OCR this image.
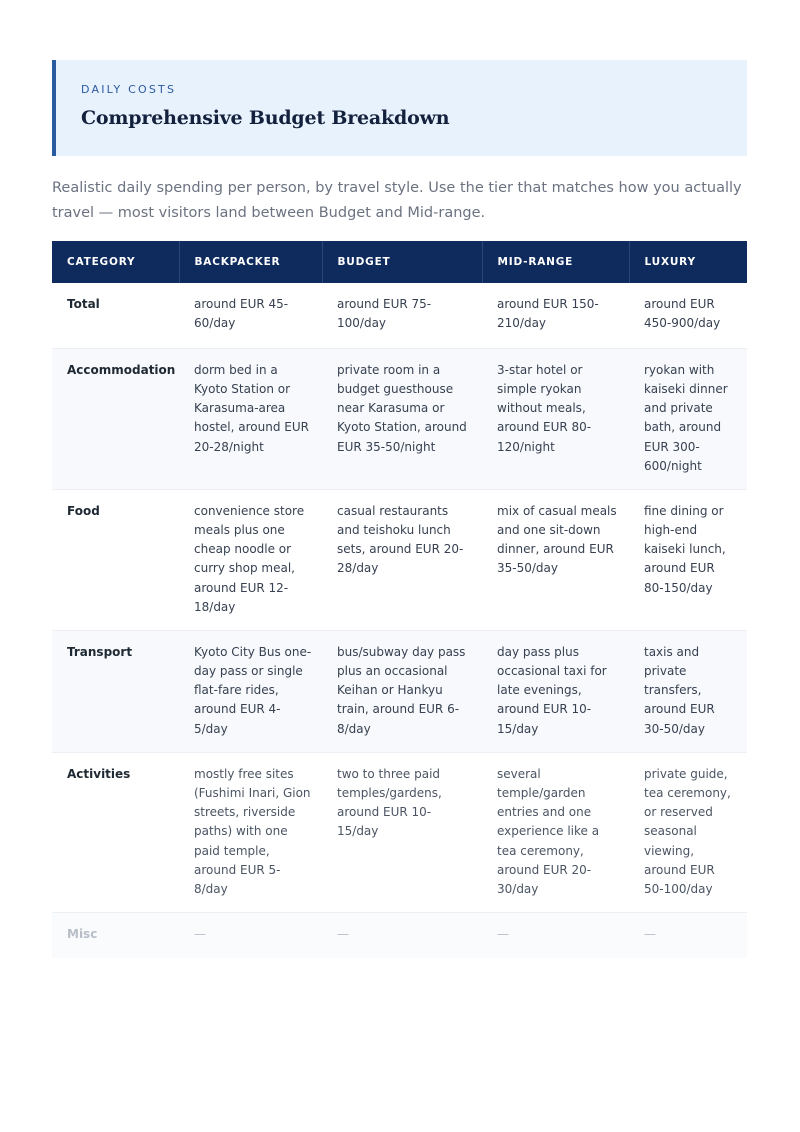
DAILY COSTS
Comprehensive Budget Breakdown

Realistic daily spending per person, by travel style. Use the tier that matches how you actually travel — most visitors land between Budget and Mid-range.

CATEGORY	BACKPACKER	BUDGET	MID-RANGE	LUXURY
Total	around EUR 45-60/day	around EUR 75-100/day	around EUR 150-210/day	around EUR 450-900/day
Accommodation	dorm bed in a Kyoto Station or Karasuma-area hostel, around EUR 20-28/night	private room in a budget guesthouse near Karasuma or Kyoto Station, around EUR 35-50/night	3-star hotel or simple ryokan without meals, around EUR 80-120/night	ryokan with kaiseki dinner and private bath, around EUR 300-600/night
Food	convenience store meals plus one cheap noodle or curry shop meal, around EUR 12-18/day	casual restaurants and teishoku lunch sets, around EUR 20-28/day	mix of casual meals and one sit-down dinner, around EUR 35-50/day	fine dining or high-end kaiseki lunch, around EUR 80-150/day
Transport	Kyoto City Bus one-day pass or single flat-fare rides, around EUR 4-5/day	bus/subway day pass plus an occasional Keihan or Hankyu train, around EUR 6-8/day	day pass plus occasional taxi for late evenings, around EUR 10-15/day	taxis and private transfers, around EUR 30-50/day
Activities	mostly free sites (Fushimi Inari, Gion streets, riverside paths) with one paid temple, around EUR 5-8/day	two to three paid temples/gardens, around EUR 10-15/day	several temple/garden entries and one experience like a tea ceremony, around EUR 20-30/day	private guide, tea ceremony, or reserved seasonal viewing, around EUR 50-100/day
Misc	—	—	—	—
